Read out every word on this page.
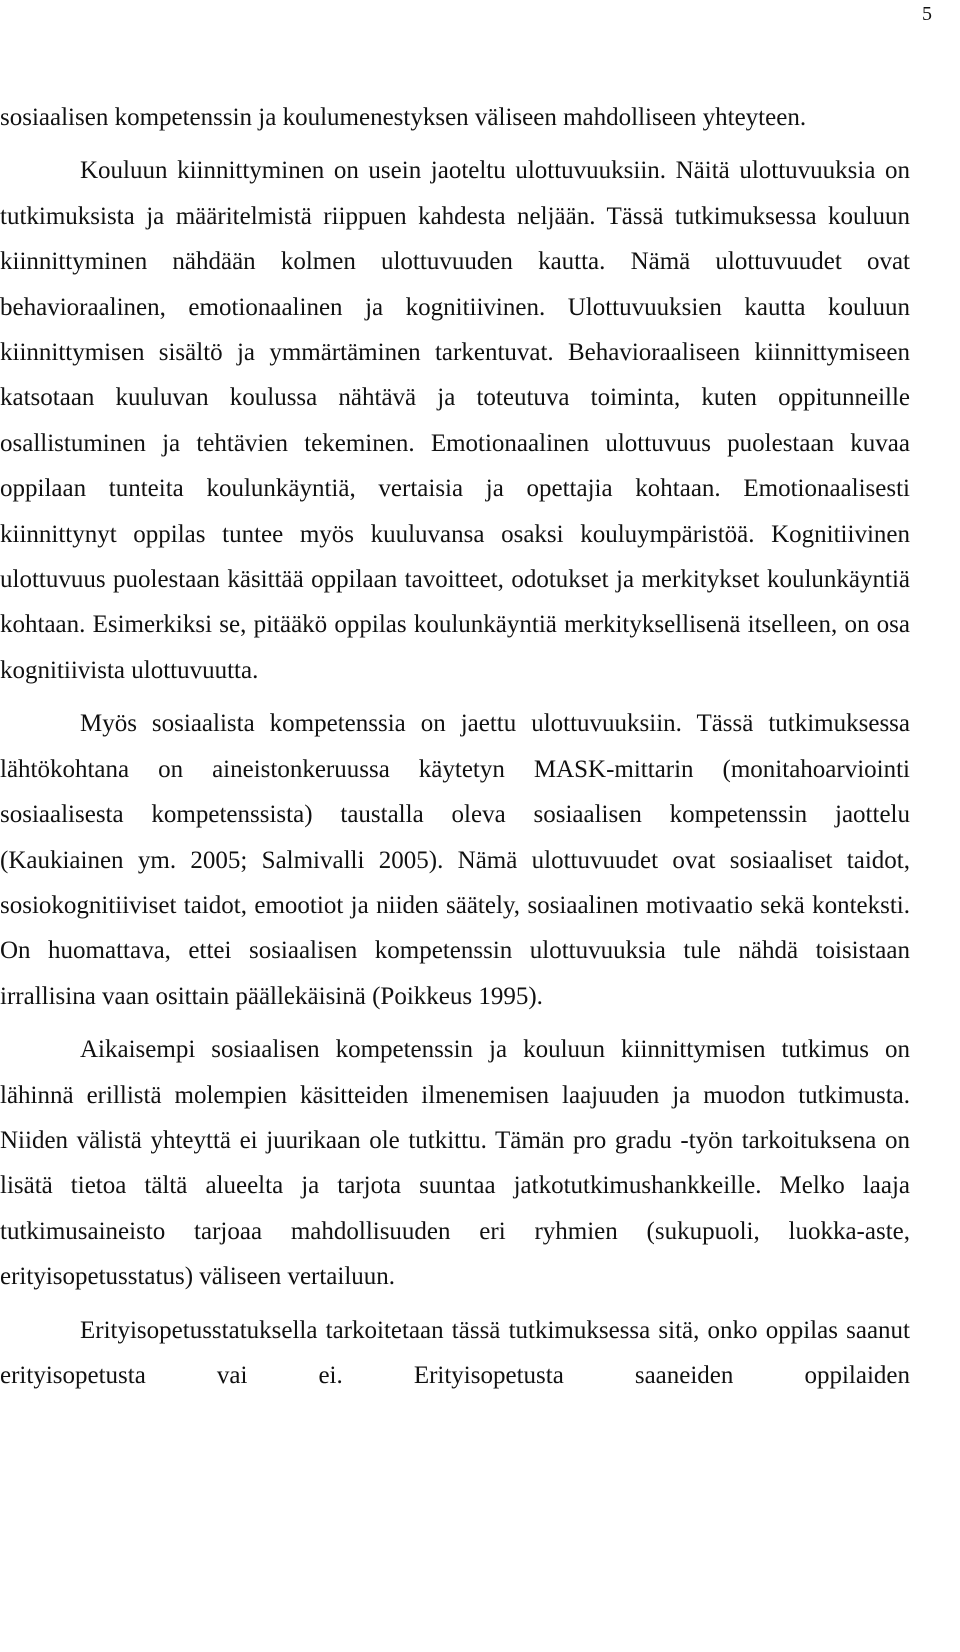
5

sosiaalisen kompetenssin ja koulumenestyksen väliseen mahdolliseen yhteyteen.

Kouluun kiinnittyminen on usein jaoteltu ulottuvuuksiin. Näitä ulottuvuuksia on tutkimuksista ja määritelmistä riippuen kahdesta neljään. Tässä tutkimuksessa kouluun kiinnittyminen nähdään kolmen ulottuvuuden kautta. Nämä ulottuvuudet ovat behavioraalinen, emotionaalinen ja kognitiivinen. Ulottuvuuksien kautta kouluun kiinnittymisen sisältö ja ymmärtäminen tarkentuvat. Behavioraaliseen kiinnittymiseen katsotaan kuuluvan koulussa nähtävä ja toteutuva toiminta, kuten oppitunneille osallistuminen ja tehtävien tekeminen. Emotionaalinen ulottuvuus puolestaan kuvaa oppilaan tunteita koulunkäyntiä, vertaisia ja opettajia kohtaan. Emotionaalisesti kiinnittynyt oppilas tuntee myös kuuluvansa osaksi kouluympäristöä. Kognitiivinen ulottuvuus puolestaan käsittää oppilaan tavoitteet, odotukset ja merkitykset koulunkäyntiä kohtaan. Esimerkiksi se, pitääkö oppilas koulunkäyntiä merkityksellisenä itselleen, on osa kognitiivista ulottuvuutta.

Myös sosiaalista kompetenssia on jaettu ulottuvuuksiin. Tässä tutkimuksessa lähtökohtana on aineistonkeruussa käytetyn MASK-mittarin (monitahoarviointi sosiaalisesta kompetenssista) taustalla oleva sosiaalisen kompetenssin jaottelu (Kaukiainen ym. 2005; Salmivalli 2005). Nämä ulottuvuudet ovat sosiaaliset taidot, sosiokognitiiviset taidot, emootiot ja niiden säätely, sosiaalinen motivaatio sekä konteksti. On huomattava, ettei sosiaalisen kompetenssin ulottuvuuksia tule nähdä toisistaan irrallisina vaan osittain päällekäisinä (Poikkeus 1995).

Aikaisempi sosiaalisen kompetenssin ja kouluun kiinnittymisen tutkimus on lähinnä erillistä molempien käsitteiden ilmenemisen laajuuden ja muodon tutkimusta. Niiden välistä yhteyttä ei juurikaan ole tutkittu. Tämän pro gradu -työn tarkoituksena on lisätä tietoa tältä alueelta ja tarjota suuntaa jatkotutkimushankkeille. Melko laaja tutkimusaineisto tarjoaa mahdollisuuden eri ryhmien (sukupuoli, luokka-aste, erityisopetusstatus) väliseen vertailuun.

Erityisopetusstatuksella tarkoitetaan tässä tutkimuksessa sitä, onko oppilas saanut erityisopetusta vai ei. Erityisopetusta saaneiden oppilaiden
